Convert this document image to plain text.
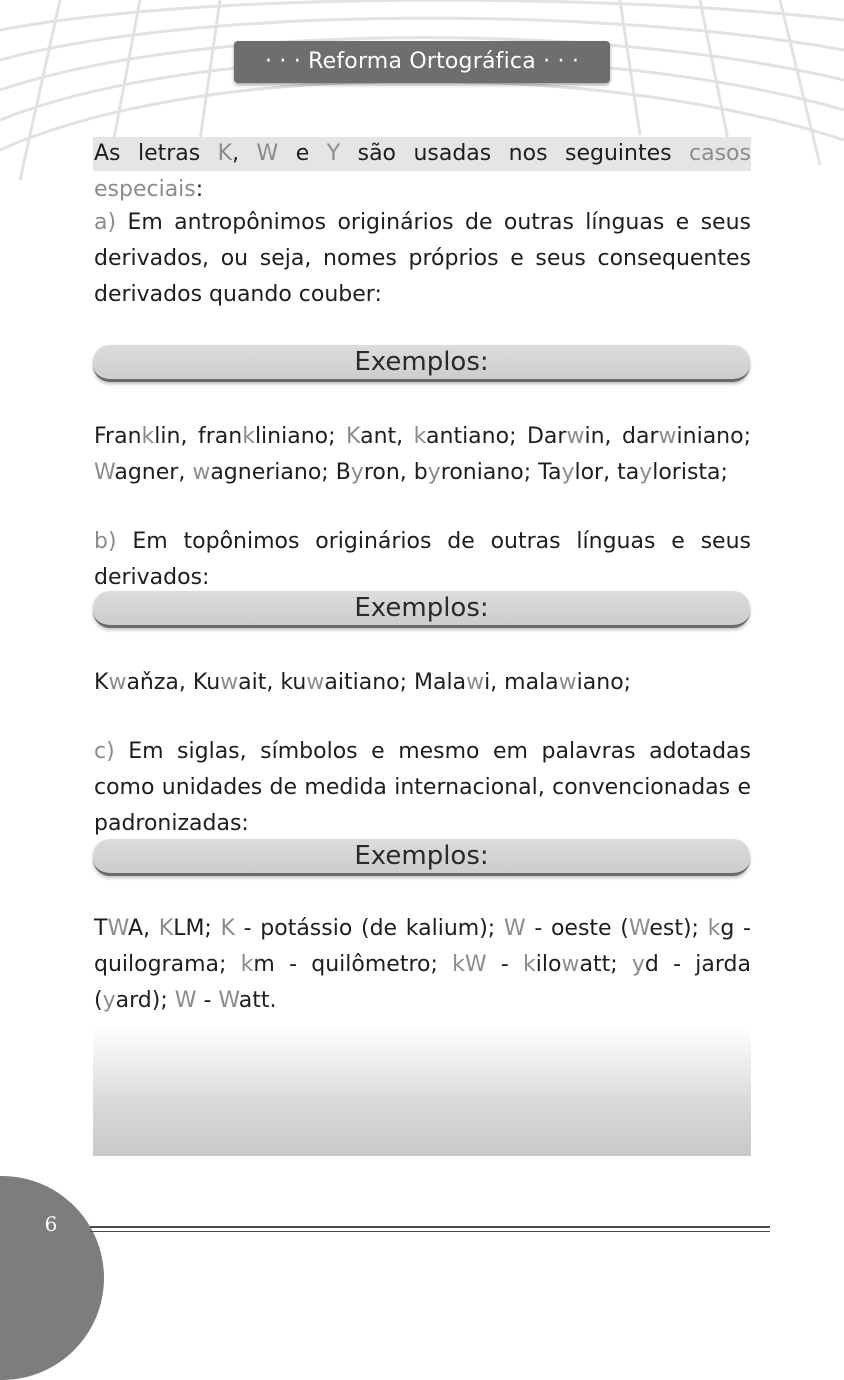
· · · Reforma Ortográfica · · ·

As letras K, W e Y são usadas nos seguintes casos especiais:

a) Em antropônimos originários de outras línguas e seus derivados, ou seja, nomes próprios e seus consequentes derivados quando couber:

Exemplos:

Franklin, frankliniano; Kant, kantiano; Darwin, darwiniano; Wagner, wagneriano; Byron, byroniano; Taylor, taylorista;

b) Em topônimos originários de outras línguas e seus derivados:

Exemplos:

Kwaňza, Kuwait, kuwaitiano; Malawi, malawiano;

c) Em siglas, símbolos e mesmo em palavras adotadas como unidades de medida internacional, convencionadas e padronizadas:

Exemplos:

TWA, KLM; K - potássio (de kalium); W - oeste (West); kg - quilograma; km - quilômetro; kW - kilowatt; yd - jarda (yard); W - Watt.

6
